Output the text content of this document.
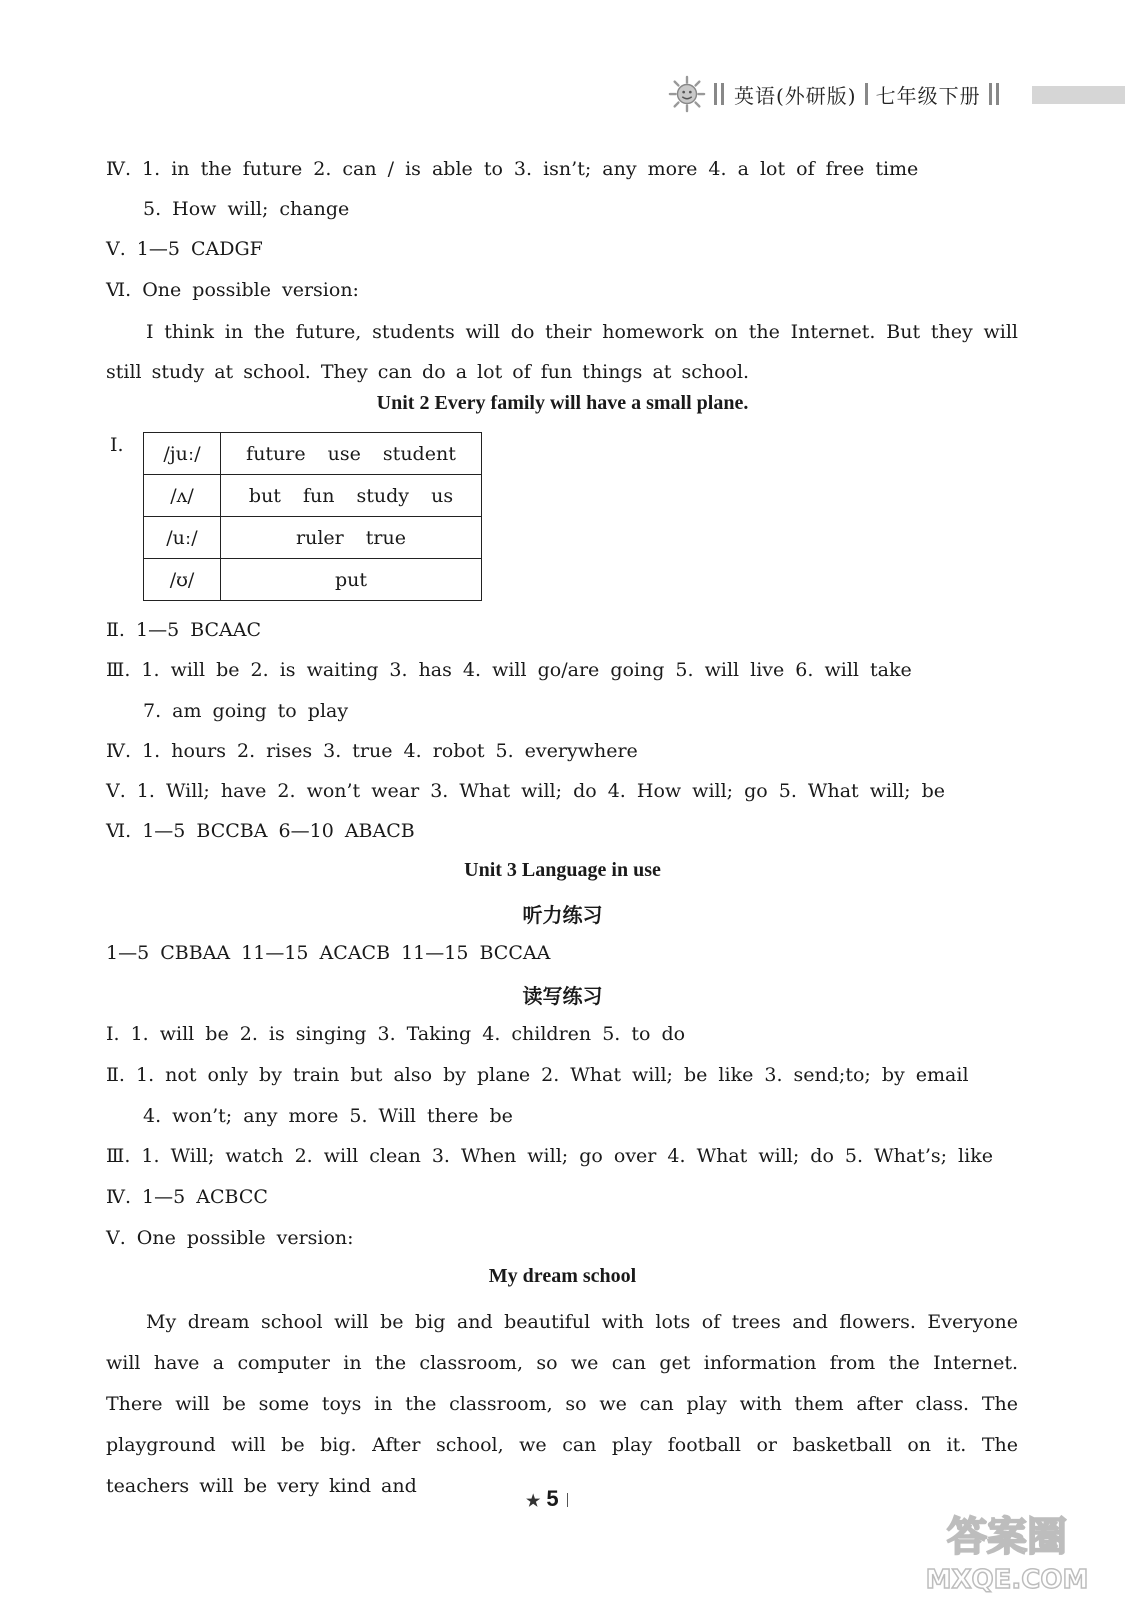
英语(外研版) 七年级下册
Ⅳ. 1. in the future 2. can / is able to 3. isn’t; any more 4. a lot of free time
5. How will; change
Ⅴ. 1—5 CADGF
Ⅵ. One possible version:
I think in the future, students will do their homework on the Internet. But they will still study at school. They can do a lot of fun things at school.
Unit 2 Every family will have a small plane.
Ⅰ. /juː/	future use student
/ʌ/	but fun study us
/uː/	ruler true
/ʊ/	put
Ⅱ. 1—5 BCAAC
Ⅲ. 1. will be 2. is waiting 3. has 4. will go/are going 5. will live 6. will take
7. am going to play
Ⅳ. 1. hours 2. rises 3. true 4. robot 5. everywhere
Ⅴ. 1. Will; have 2. won’t wear 3. What will; do 4. How will; go 5. What will; be
Ⅵ. 1—5 BCCBA 6—10 ABACB
Unit 3 Language in use
听力练习
1—5 CBBAA 11—15 ACACB 11—15 BCCAA
读写练习
Ⅰ. 1. will be 2. is singing 3. Taking 4. children 5. to do
Ⅱ. 1. not only by train but also by plane 2. What will; be like 3. send;to; by email
4. won’t; any more 5. Will there be
Ⅲ. 1. Will; watch 2. will clean 3. When will; go over 4. What will; do 5. What’s; like
Ⅳ. 1—5 ACBCC
Ⅴ. One possible version:
My dream school
My dream school will be big and beautiful with lots of trees and flowers. Everyone will have a computer in the classroom, so we can get information from the Internet. There will be some toys in the classroom, so we can play with them after class. The playground will be big. After school, we can play football or basketball on it. The teachers will be very kind and
★ 5
答案圈
MXQE.COM
